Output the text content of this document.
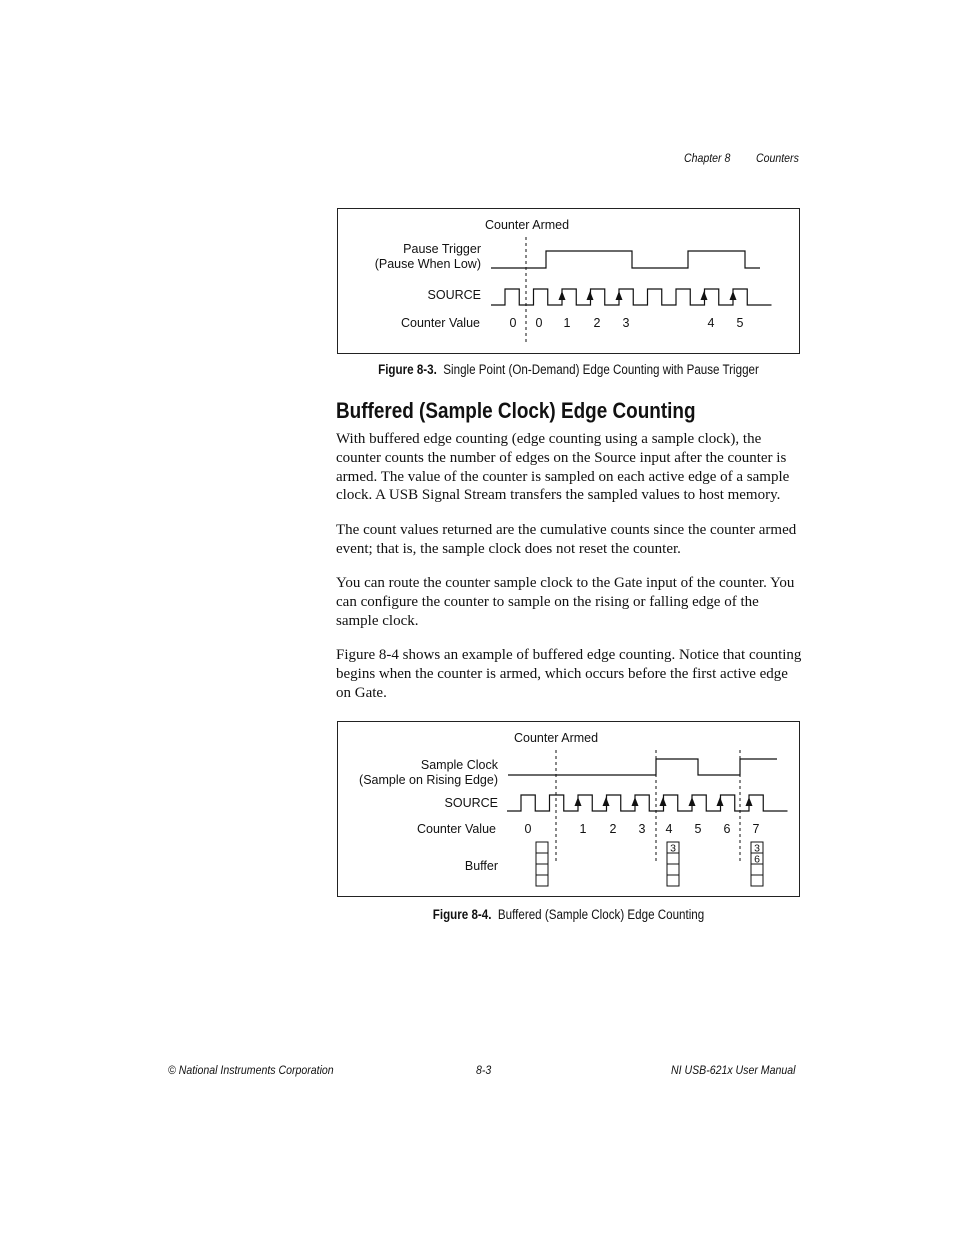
Chapter 8 Counters
Counter Armed
Pause Trigger
(Pause When Low)
SOURCE
Counter Value 0 0 1 2 3	4 5
Figure 8-3. Single Point (On-Demand) Edge Counting with Pause Trigger
Buffered (Sample Clock) Edge Counting
With buffered edge counting (edge counting using a sample clock), the counter counts the number of edges on the Source input after the counter is armed. The value of the counter is sampled on each active edge of a sample clock. A USB Signal Stream transfers the sampled values to host memory.
The count values returned are the cumulative counts since the counter armed event; that is, the sample clock does not reset the counter.
You can route the counter sample clock to the Gate input of the counter. You can configure the counter to sample on the rising or falling edge of the sample clock.
Figure 8-4 shows an example of buffered edge counting. Notice that counting begins when the counter is armed, which occurs before the first active edge on Gate.
Counter Armed
Sample Clock
(Sample on Rising Edge)
SOURCE
Counter Value 0	1 2 3 4 5 6 7
Buffer
3	3
6
Figure 8-4. Buffered (Sample Clock) Edge Counting
© National Instruments Corporation	8-3	NI USB-621x User Manual
